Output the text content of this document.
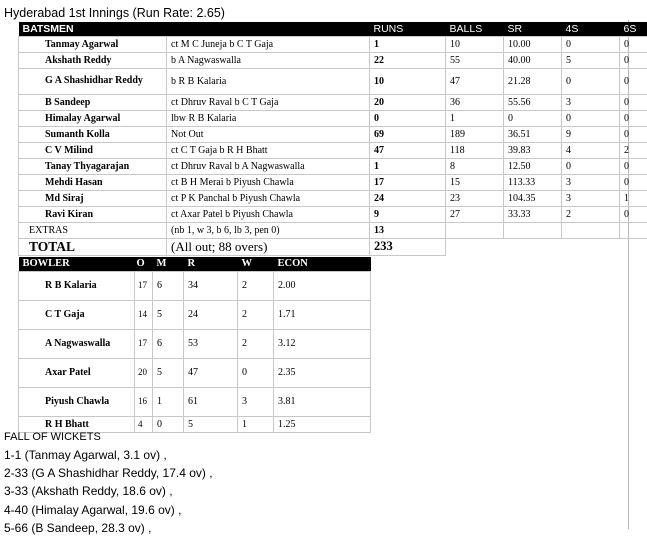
Hyderabad 1st Innings (Run Rate: 2.65)
BATSMEN		RUNS	BALLS	SR	4S	6S
Tanmay Agarwal	ct M C Juneja b C T Gaja	1	10	10.00	0	0
Akshath Reddy	b A Nagwaswalla	22	55	40.00	5	0
G A Shashidhar Reddy	b R B Kalaria	10	47	21.28	0	0
B Sandeep	ct Dhruv Raval b C T Gaja	20	36	55.56	3	0
Himalay Agarwal	lbw R B Kalaria	0	1	0	0	0
Sumanth Kolla	Not Out	69	189	36.51	9	0
C V Milind	ct C T Gaja b R H Bhatt	47	118	39.83	4	2
Tanay Thyagarajan	ct Dhruv Raval b A Nagwaswalla	1	8	12.50	0	0
Mehdi Hasan	ct B H Merai b Piyush Chawla	17	15	113.33	3	0
Md Siraj	ct P K Panchal b Piyush Chawla	24	23	104.35	3	1
Ravi Kiran	ct Axar Patel b Piyush Chawla	9	27	33.33	2	0
EXTRAS	(nb 1, w 3, b 6, lb 3, pen 0)	13				
TOTAL	(All out; 88 overs)	233				
BOWLER	O	M	R	W	ECON
R B Kalaria	17	6	34	2	2.00
C T Gaja	14	5	24	2	1.71
A Nagwaswalla	17	6	53	2	3.12
Axar Patel	20	5	47	0	2.35
Piyush Chawla	16	1	61	3	3.81
R H Bhatt	4	0	5	1	1.25
FALL OF WICKETS
1-1 (Tanmay Agarwal, 3.1 ov) ,
2-33 (G A Shashidhar Reddy, 17.4 ov) ,
3-33 (Akshath Reddy, 18.6 ov) ,
4-40 (Himalay Agarwal, 19.6 ov) ,
5-66 (B Sandeep, 28.3 ov) ,
